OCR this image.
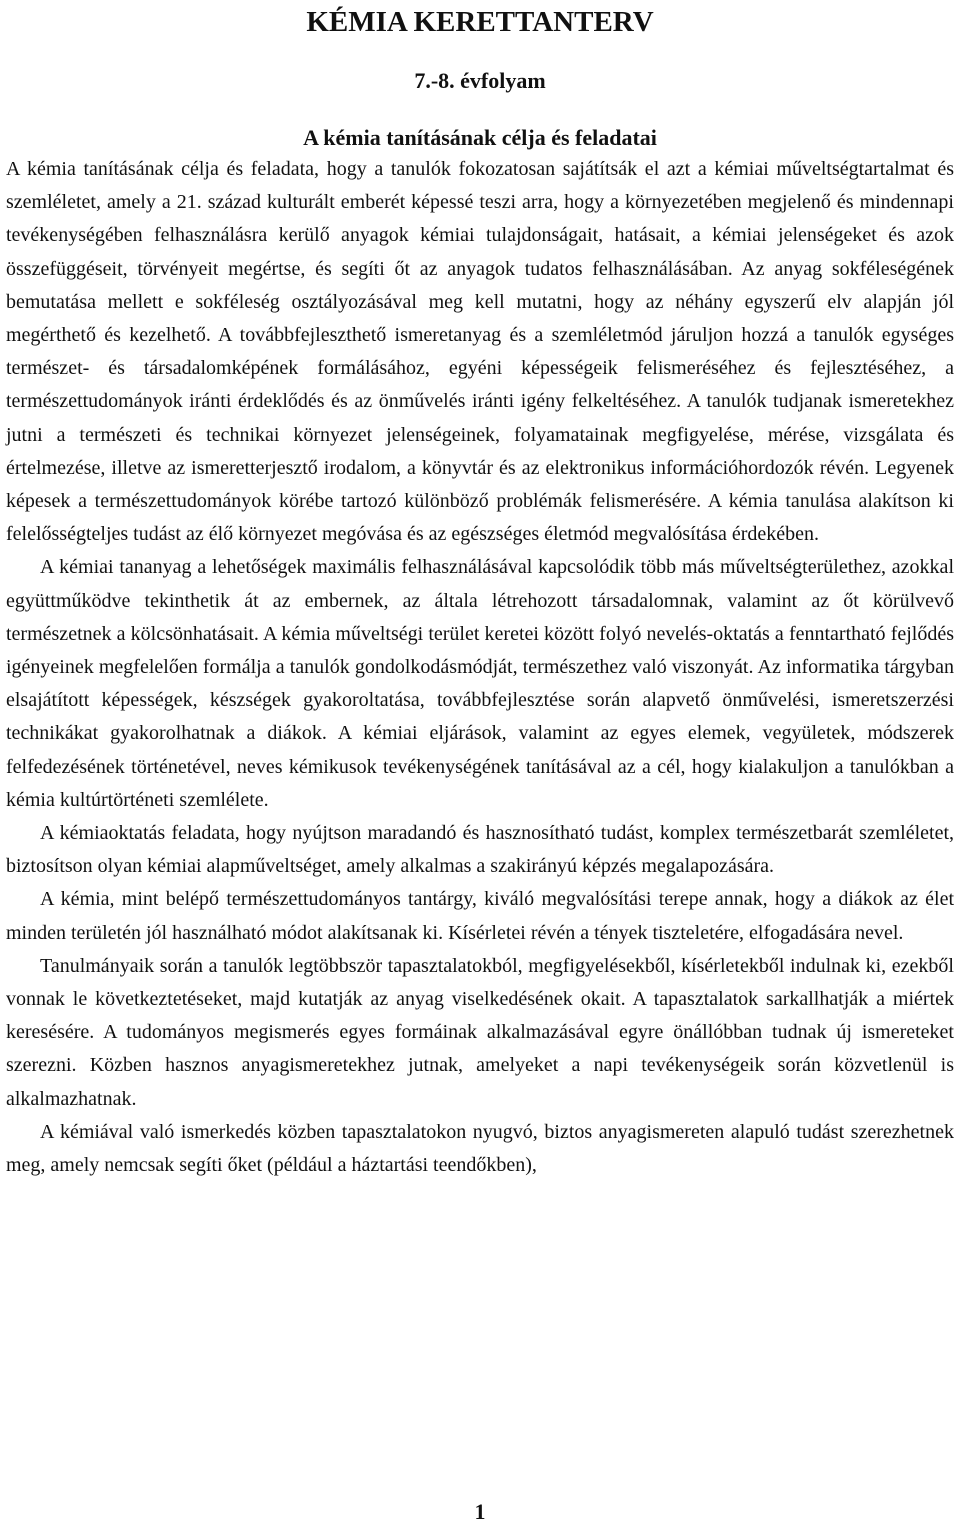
KÉMIA KERETTANTERV
7.-8. évfolyam
A kémia tanításának célja és feladatai

A kémia tanításának célja és feladata, hogy a tanulók fokozatosan sajátítsák el azt a kémiai műveltségtartalmat és szemléletet, amely a 21. század kulturált emberét képessé teszi arra, hogy a környezetében megjelenő és mindennapi tevékenységében felhasználásra kerülő anyagok kémiai tulajdonságait, hatásait, a kémiai jelenségeket és azok összefüggéseit, törvényeit megértse, és segíti őt az anyagok tudatos felhasználásában. Az anyag sokféleségének bemutatása mellett e sokféleség osztályozásával meg kell mutatni, hogy az néhány egyszerű elv alapján jól megérthető és kezelhető. A továbbfejleszthető ismeretanyag és a szemléletmód járuljon hozzá a tanulók egységes természet- és társadalomképének formálásához, egyéni képességeik felismeréséhez és fejlesztéséhez, a természettudományok iránti érdeklődés és az önművelés iránti igény felkeltéséhez. A tanulók tudjanak ismeretekhez jutni a természeti és technikai környezet jelenségeinek, folyamatainak megfigyelése, mérése, vizsgálata és értelmezése, illetve az ismeretterjesztő irodalom, a könyvtár és az elektronikus információhordozók révén. Legyenek képesek a természettudományok körébe tartozó különböző problémák felismerésére. A kémia tanulása alakítson ki felelősségteljes tudást az élő környezet megóvása és az egészséges életmód megvalósítása érdekében.

A kémiai tananyag a lehetőségek maximális felhasználásával kapcsolódik több más műveltségterülethez, azokkal együttműködve tekinthetik át az embernek, az általa létrehozott társadalomnak, valamint az őt körülvevő természetnek a kölcsönhatásait. A kémia műveltségi terület keretei között folyó nevelés-oktatás a fenntartható fejlődés igényeinek megfelelően formálja a tanulók gondolkodásmódját, természethez való viszonyát. Az informatika tárgyban elsajátított képességek, készségek gyakoroltatása, továbbfejlesztése során alapvető önművelési, ismeretszerzési technikákat gyakorolhatnak a diákok. A kémiai eljárások, valamint az egyes elemek, vegyületek, módszerek felfedezésének történetével, neves kémikusok tevékenységének tanításával az a cél, hogy kialakuljon a tanulókban a kémia kultúrtörténeti szemlélete.

A kémiaoktatás feladata, hogy nyújtson maradandó és hasznosítható tudást, komplex természetbarát szemléletet, biztosítson olyan kémiai alapműveltséget, amely alkalmas a szakirányú képzés megalapozására.

A kémia, mint belépő természettudományos tantárgy, kiváló megvalósítási terepe annak, hogy a diákok az élet minden területén jól használható módot alakítsanak ki. Kísérletei révén a tények tiszteletére, elfogadására nevel.

Tanulmányaik során a tanulók legtöbbször tapasztalatokból, megfigyelésekből, kísérletekből indulnak ki, ezekből vonnak le következtetéseket, majd kutatják az anyag viselkedésének okait. A tapasztalatok sarkallhatják a miértek keresésére. A tudományos megismerés egyes formáinak alkalmazásával egyre önállóbban tudnak új ismereteket szerezni. Közben hasznos anyagismeretekhez jutnak, amelyeket a napi tevékenységeik során közvetlenül is alkalmazhatnak.

A kémiával való ismerkedés közben tapasztalatokon nyugvó, biztos anyagismereten alapuló tudást szerezhetnek meg, amely nemcsak segíti őket (például a háztartási teendőkben),

1
